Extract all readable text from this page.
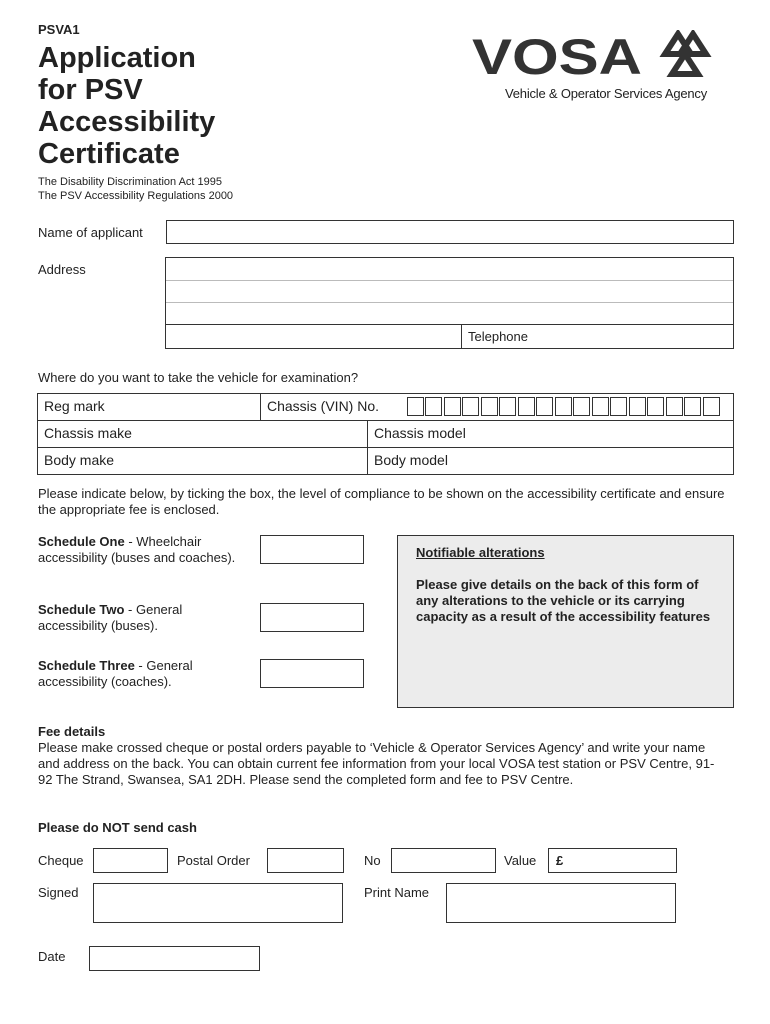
PSVA1
Application
for PSV
Accessibility
Certificate
The Disability Discrimination Act 1995
The PSV Accessibility Regulations 2000
VOSA
Vehicle & Operator Services Agency
Name of applicant
Address
Telephone
Where do you want to take the vehicle for examination?
Reg mark	Chassis (VIN) No.
Chassis make	Chassis model
Body make	Body model
Please indicate below, by ticking the box, the level of compliance to be shown on the accessibility certificate and ensure the appropriate fee is enclosed.
Schedule One - Wheelchair accessibility (buses and coaches).
Schedule Two - General accessibility (buses).
Schedule Three - General accessibility (coaches).
Notifiable alterations
Please give details on the back of this form of any alterations to the vehicle or its carrying capacity as a result of the accessibility features
Fee details
Please make crossed cheque or postal orders payable to ‘Vehicle & Operator Services Agency’ and write your name and address on the back. You can obtain current fee information from your local VOSA test station or PSV Centre, 91-92 The Strand, Swansea, SA1 2DH. Please send the completed form and fee to PSV Centre.
Please do NOT send cash
Cheque	Postal Order	No	Value £
Signed	Print Name
Date
